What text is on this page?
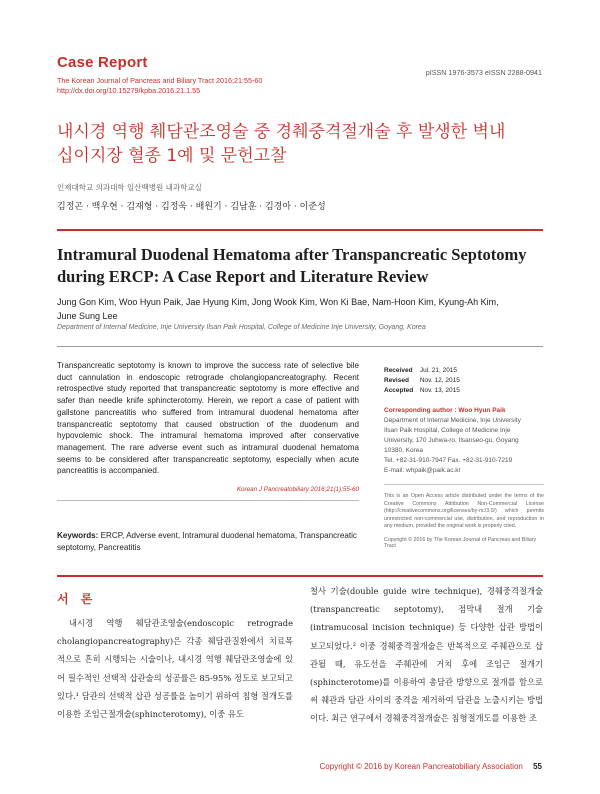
Case Report
The Korean Journal of Pancreas and Biliary Tract 2016;21:55-60
http://dx.doi.org/10.15279/kpba.2016.21.1.55
pISSN 1976-3573 eISSN 2288-0941
내시경 역행 췌담관조영술 중 경췌중격절개술 후 발생한 벽내
십이지장 혈종 1예 및 문헌고찰
인제대학교 의과대학 일산백병원 내과학교실
김정곤 · 백우현 · 김재형 · 김정욱 · 배원기 · 김남훈 · 김경아 · 이준성
Intramural Duodenal Hematoma after Transpancreatic Septotomy
during ERCP: A Case Report and Literature Review
Jung Gon Kim, Woo Hyun Paik, Jae Hyung Kim, Jong Wook Kim, Won Ki Bae, Nam-Hoon Kim, Kyung-Ah Kim,
June Sung Lee
Department of Internal Medicine, Inje University Ilsan Paik Hospital, College of Medicine Inje University, Goyang, Korea
Transpancreatic septotomy is known to improve the success rate of selective bile duct cannulation in endoscopic retrograde cholangiopancreatography. Recent retrospective study reported that transpancreatic septotomy is more effective and safer than needle knife sphincterotomy. Herein, we report a case of patient with gallstone pancreatitis who suffered from intramural duodenal hematoma after transpancreatic septotomy that caused obstruction of the duodenum and hypovolemic shock. The intramural hematoma improved after conservative management. The rare adverse event such as intramural duodenal hematoma seems to be considered after transpancreatic septotomy, especially when acute pancreatitis is accompanied.
Korean J Pancreatobiliary 2016;21(1):55-60
Keywords: ERCP, Adverse event, Intramural duodenal hematoma, Transpancreatic septotomy, Pancreatitis
Received Jul. 21, 2015
Revised Nov. 12, 2015
Accepted Nov. 13, 2015
Corresponding author : Woo Hyun Paik
Department of Internal Medicine, Inje University
Ilsan Paik Hospital, College of Medicine Inje
University, 170 Juhwa-ro, Ilsanseo-gu, Goyang
10380, Korea
Tel. +82-31-910-7947 Fax. +82-31-910-7219
E-mail: whpaik@paik.ac.kr
This is an Open Access article distributed under the terms of the Creative Commons Attribution Non-Commercial License (http://creativecommons.org/licenses/by-nc/3.0/) which permits unrestricted non-commercial use, distribution, and reproduction in any medium, provided the original work is properly cited.
Copyright © 2016 by The Korean Journal of Pancreas and Biliary Tract
서 론
내시경 역행 췌담관조영술(endoscopic retrograde cholangiopancreatography)은 각종 췌담관질환에서 치료목적으로 흔히 시행되는 시술이나, 내시경 역행 췌담관조영술에 있어 필수적인 선택적 삽관술의 성공률은 85-95% 정도로 보고되고 있다.¹ 담관의 선택적 삽관 성공률을 높이기 위하여 침형 절개도를 이용한 조임근절개술(sphincterotomy), 이중 유도
철사 기술(double guide wire technique), 경췌중격절개술(transpancreatic septotomy), 점막내 절개 기술(intramucosal incision technique) 등 다양한 삽관 방법이 보고되었다.² 이중 경췌중격절개술은 반복적으로 주췌관으로 삽관될 때, 유도선을 주췌관에 거치 후에 조임근 절개기(sphincterotome)를 이용하여 총담관 방향으로 절개를 함으로써 췌관과 담관 사이의 중격을 제거하여 담관을 노출시키는 방법이다. 최근 연구에서 경췌중격절개술은 침형절개도를 이용한 조
Copyright © 2016 by Korean Pancreatobiliary Association 55
